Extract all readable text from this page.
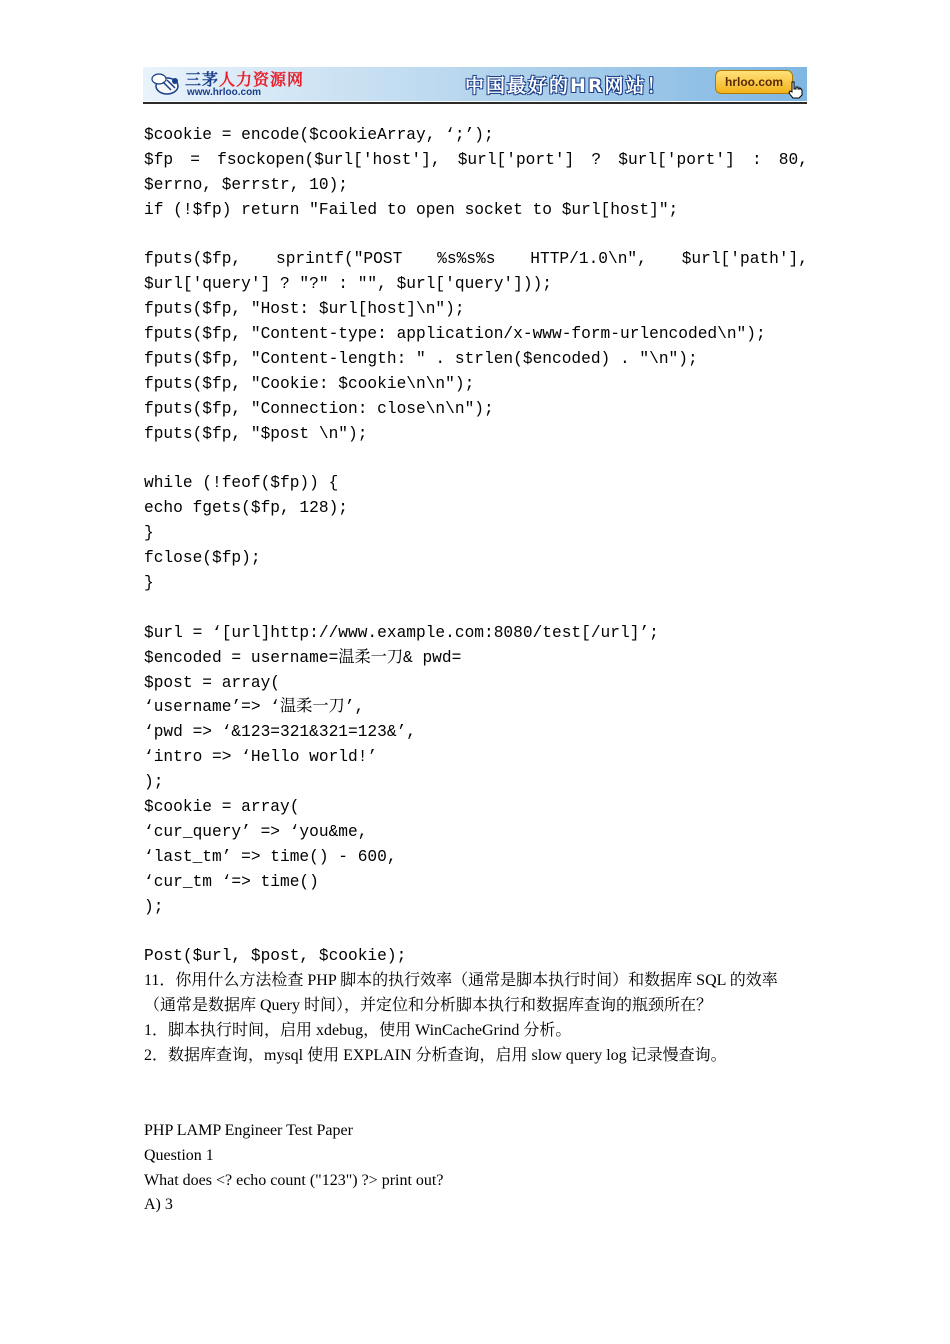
三茅人力资源网
www.hrloo.com	中国最好的HR网站！	hrloo.com
$cookie = encode($cookieArray, ‘;’);
$fp = fsockopen($url['host'], $url['port'] ? $url['port'] : 80,
$errno, $errstr, 10);
if (!$fp) return "Failed to open socket to $url[host]";
fputs($fp, sprintf("POST %s%s%s HTTP/1.0\n", $url['path'],
$url['query'] ? "?" : "", $url['query']));
fputs($fp, "Host: $url[host]\n");
fputs($fp, "Content-type: application/x-www-form-urlencoded\n");
fputs($fp, "Content-length: " . strlen($encoded) . "\n");
fputs($fp, "Cookie: $cookie\n\n");
fputs($fp, "Connection: close\n\n");
fputs($fp, "$post \n");
while (!feof($fp)) {
echo fgets($fp, 128);
}
fclose($fp);
}
$url = ‘[url]http://www.example.com:8080/test[/url]’;
$encoded = username=温柔一刀& pwd=
$post = array(
‘username’=> ‘温柔一刀’,
‘pwd => ‘&123=321&321=123&’,
‘intro => ‘Hello world!’
);
$cookie = array(
‘cur_query’ => ‘you&me,
‘last_tm’ => time() - 600,
‘cur_tm ‘=> time()
);
Post($url, $post, $cookie);
11．你用什么方法检查 PHP 脚本的执行效率（通常是脚本执行时间）和数据库 SQL 的效率
（通常是数据库 Query 时间），并定位和分析脚本执行和数据库查询的瓶颈所在？
1．脚本执行时间，启用 xdebug，使用 WinCacheGrind 分析。
2．数据库查询，mysql 使用 EXPLAIN 分析查询，启用 slow query log 记录慢查询。
PHP LAMP Engineer Test Paper
Question 1
What does <? echo count ("123") ?> print out?
A) 3
